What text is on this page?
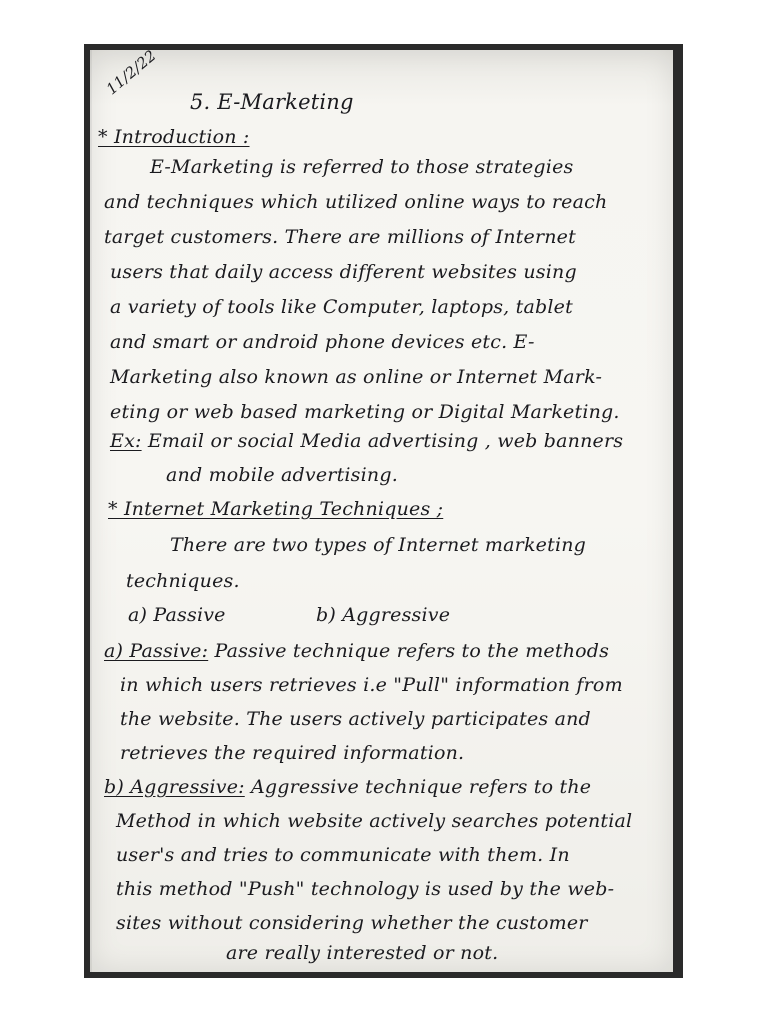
11/2/22
5. E-Marketing
* Introduction :
E-Marketing is referred to those strategies
and techniques which utilized online ways to reach
target customers. There are millions of Internet
users that daily access different websites using
a variety of tools like Computer, laptops, tablet
and smart or android phone devices etc. E-
Marketing also known as online or Internet Mark-
eting or web based marketing or Digital Marketing.
Ex: Email or social Media advertising , web banners
and mobile advertising.
* Internet Marketing Techniques ;
There are two types of Internet marketing
techniques.
a) Passive	b) Aggressive
a) Passive: Passive technique refers to the methods
in which users retrieves i.e "Pull" information from
the website. The users actively participates and
retrieves the required information.
b) Aggressive: Aggressive technique refers to the
Method in which website actively searches potential
user's and tries to communicate with them. In
this method "Push" technology is used by the web-
sites without considering whether the customer
are really interested or not.
